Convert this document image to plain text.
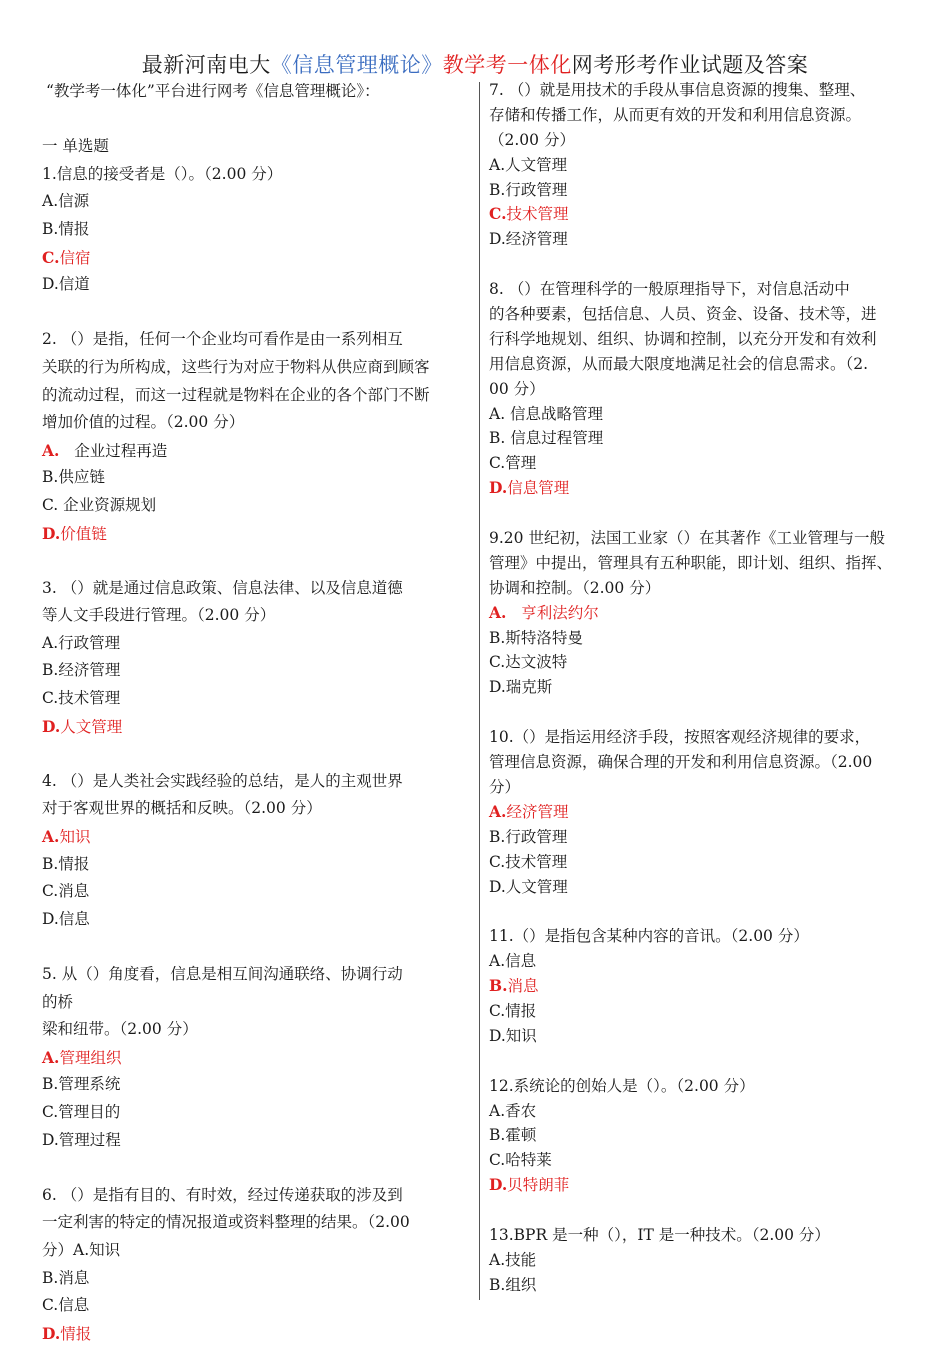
最新河南电大《信息管理概论》教学考一体化网考形考作业试题及答案
“教学考一体化”平台进行网考《信息管理概论》：
一 单选题
1.信息的接受者是（）。（2.00 分）
A.信源
B.情报
C.信宿
D.信道
2. （）是指，任何一个企业均可看作是由一系列相互
关联的行为所构成，这些行为对应于物料从供应商到顾客
的流动过程，而这一过程就是物料在企业的各个部门不断
增加价值的过程。（2.00 分）
A. 企业过程再造
B.供应链
C. 企业资源规划
D.价值链
3. （）就是通过信息政策、信息法律、以及信息道德
等人文手段进行管理。（2.00 分）
A.行政管理
B.经济管理
C.技术管理
D.人文管理
4. （）是人类社会实践经验的总结，是人的主观世界
对于客观世界的概括和反映。（2.00 分）
A.知识
B.情报
C.消息
D.信息
5. 从（）角度看，信息是相互间沟通联络、协调行动
的桥
梁和纽带。（2.00 分）
A.管理组织
B.管理系统
C.管理目的
D.管理过程
6. （）是指有目的、有时效，经过传递获取的涉及到
一定利害的特定的情况报道或资料整理的结果。（2.00
分）A.知识
B.消息
C.信息
D.情报
7. （）就是用技术的手段从事信息资源的搜集、整理、
存储和传播工作，从而更有效的开发和利用信息资源。
（2.00 分）
A.人文管理
B.行政管理
C.技术管理
D.经济管理
8. （）在管理科学的一般原理指导下，对信息活动中
的各种要素，包括信息、人员、资金、设备、技术等，进
行科学地规划、组织、协调和控制，以充分开发和有效利
用信息资源，从而最大限度地满足社会的信息需求。（2.
00 分）
A. 信息战略管理
B. 信息过程管理
C.管理
D.信息管理
9.20 世纪初，法国工业家（）在其著作《工业管理与一般
管理》中提出，管理具有五种职能，即计划、组织、指挥、
协调和控制。（2.00 分）
A. 亨利法约尔
B.斯特洛特曼
C.达文波特
D.瑞克斯
10.（）是指运用经济手段，按照客观经济规律的要求，
管理信息资源，确保合理的开发和利用信息资源。（2.00
分）
A.经济管理
B.行政管理
C.技术管理
D.人文管理
11.（）是指包含某种内容的音讯。（2.00 分）
A.信息
B.消息
C.情报
D.知识
12.系统论的创始人是（）。（2.00 分）
A.香农
B.霍顿
C.哈特莱
D.贝特朗菲
13.BPR 是一种（），IT 是一种技术。（2.00 分）
A.技能
B.组织
